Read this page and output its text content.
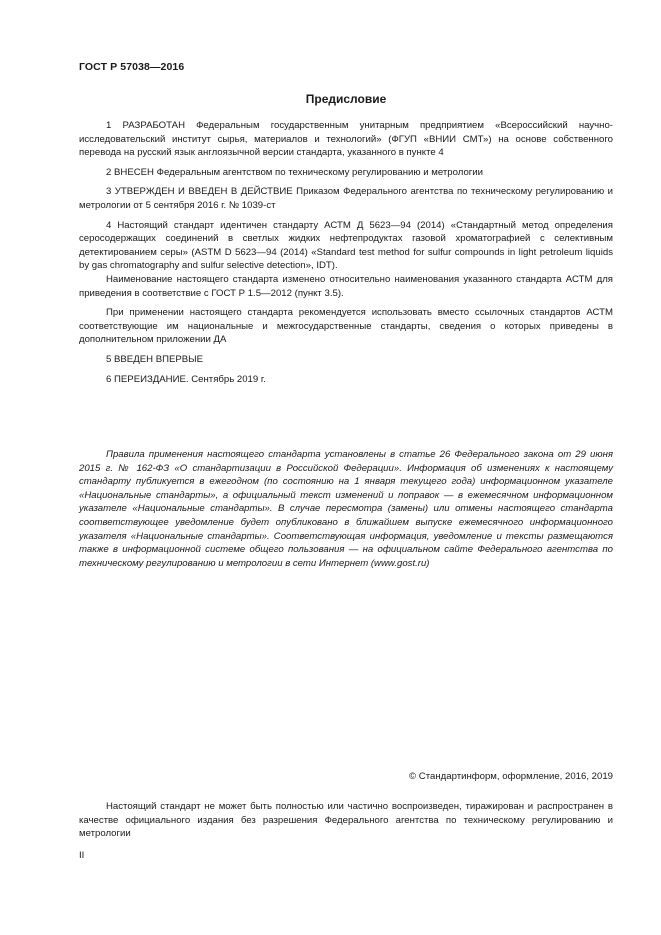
ГОСТ Р 57038—2016
Предисловие

1 РАЗРАБОТАН Федеральным государственным унитарным предприятием «Всероссийский научно-исследовательский институт сырья, материалов и технологий» (ФГУП «ВНИИ СМТ») на основе собственного перевода на русский язык англоязычной версии стандарта, указанного в пункте 4

2 ВНЕСЕН Федеральным агентством по техническому регулированию и метрологии

3 УТВЕРЖДЕН И ВВЕДЕН В ДЕЙСТВИЕ Приказом Федерального агентства по техническому регулированию и метрологии от 5 сентября 2016 г. № 1039-ст

4 Настоящий стандарт идентичен стандарту АСТМ Д 5623—94 (2014) «Стандартный метод определения серосодержащих соединений в светлых жидких нефтепродуктах газовой хроматографией с селективным детектированием серы» (ASTM D 5623—94 (2014) «Standard test method for sulfur compounds in light petroleum liquids by gas chromatography and sulfur selective detection», IDT).

Наименование настоящего стандарта изменено относительно наименования указанного стандарта АСТМ для приведения в соответствие с ГОСТ Р 1.5—2012 (пункт 3.5).

При применении настоящего стандарта рекомендуется использовать вместо ссылочных стандартов АСТМ соответствующие им национальные и межгосударственные стандарты, сведения о которых приведены в дополнительном приложении ДА

5 ВВЕДЕН ВПЕРВЫЕ

6 ПЕРЕИЗДАНИЕ. Сентябрь 2019 г.

Правила применения настоящего стандарта установлены в статье 26 Федерального закона от 29 июня 2015 г. № 162-ФЗ «О стандартизации в Российской Федерации». Информация об изменениях к настоящему стандарту публикуется в ежегодном (по состоянию на 1 января текущего года) информационном указателе «Национальные стандарты», а официальный текст изменений и поправок — в ежемесячном информационном указателе «Национальные стандарты». В случае пересмотра (замены) или отмены настоящего стандарта соответствующее уведомление будет опубликовано в ближайшем выпуске ежемесячного информационного указателя «Национальные стандарты». Соответствующая информация, уведомление и тексты размещаются также в информационной системе общего пользования — на официальном сайте Федерального агентства по техническому регулированию и метрологии в сети Интернет (www.gost.ru)

© Стандартинформ, оформление, 2016, 2019

Настоящий стандарт не может быть полностью или частично воспроизведен, тиражирован и распространен в качестве официального издания без разрешения Федерального агентства по техническому регулированию и метрологии

II
